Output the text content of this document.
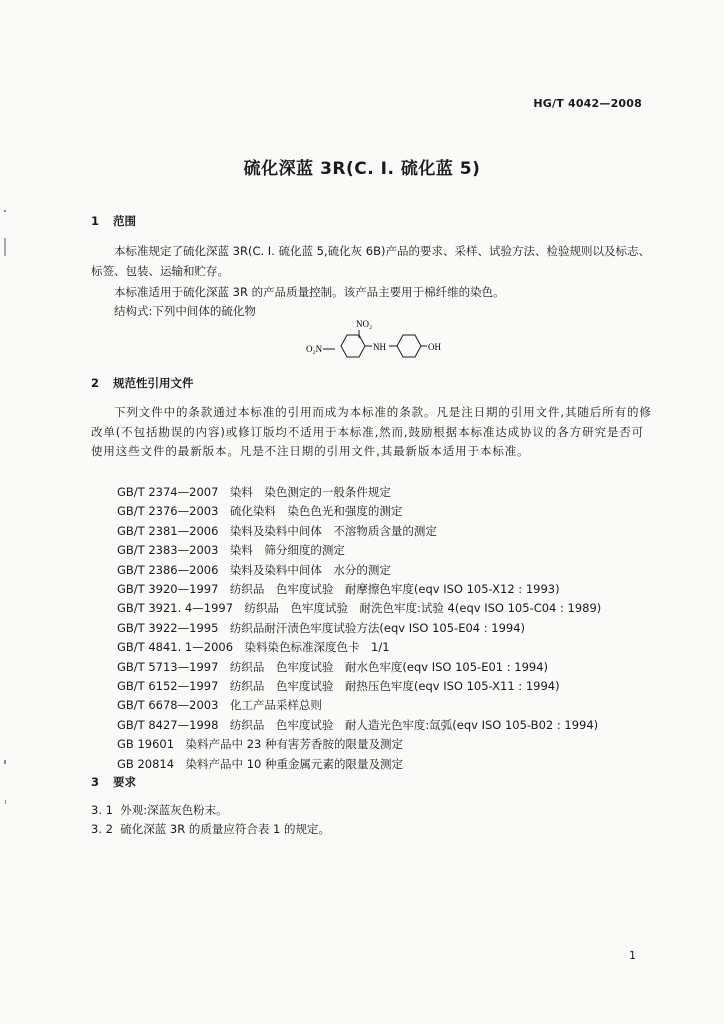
HG/T 4042—2008
硫化深蓝 3R(C. I. 硫化蓝 5)
1 范围
本标准规定了硫化深蓝 3R(C. I. 硫化蓝 5,硫化灰 6B)产品的要求、采样、试验方法、检验规则以及标志、标签、包装、运输和贮存。
本标准适用于硫化深蓝 3R 的产品质量控制。该产品主要用于棉纤维的染色。
结构式:下列中间体的硫化物
NO₂
O₂N	NH	OH
2 规范性引用文件
下列文件中的条款通过本标准的引用而成为本标准的条款。凡是注日期的引用文件,其随后所有的修改单(不包括勘误的内容)或修订版均不适用于本标准,然而,鼓励根据本标准达成协议的各方研究是否可使用这些文件的最新版本。凡是不注日期的引用文件,其最新版本适用于本标准。
GB/T 2374—2007   染料　染色测定的一般条件规定
GB/T 2376—2003   硫化染料　染色色光和强度的测定
GB/T 2381—2006   染料及染料中间体　不溶物质含量的测定
GB/T 2383—2003   染料　筛分细度的测定
GB/T 2386—2006   染料及染料中间体　水分的测定
GB/T 3920—1997   纺织品　色牢度试验　耐摩擦色牢度(eqv ISO 105-X12 : 1993)
GB/T 3921. 4—1997   纺织品　色牢度试验　耐洗色牢度:试验 4(eqv ISO 105-C04 : 1989)
GB/T 3922—1995   纺织品耐汗渍色牢度试验方法(eqv ISO 105-E04 : 1994)
GB/T 4841. 1—2006   染料染色标准深度色卡　1/1
GB/T 5713—1997   纺织品　色牢度试验　耐水色牢度(eqv ISO 105-E01 : 1994)
GB/T 6152—1997   纺织品　色牢度试验　耐热压色牢度(eqv ISO 105-X11 : 1994)
GB/T 6678—2003   化工产品采样总则
GB/T 8427—1998   纺织品　色牢度试验　耐人造光色牢度:氙弧(eqv ISO 105-B02 : 1994)
GB 19601   染料产品中 23 种有害芳香胺的限量及测定
GB 20814   染料产品中 10 种重金属元素的限量及测定
3 要求
3. 1 外观:深蓝灰色粉末。
3. 2 硫化深蓝 3R 的质量应符合表 1 的规定。
1
